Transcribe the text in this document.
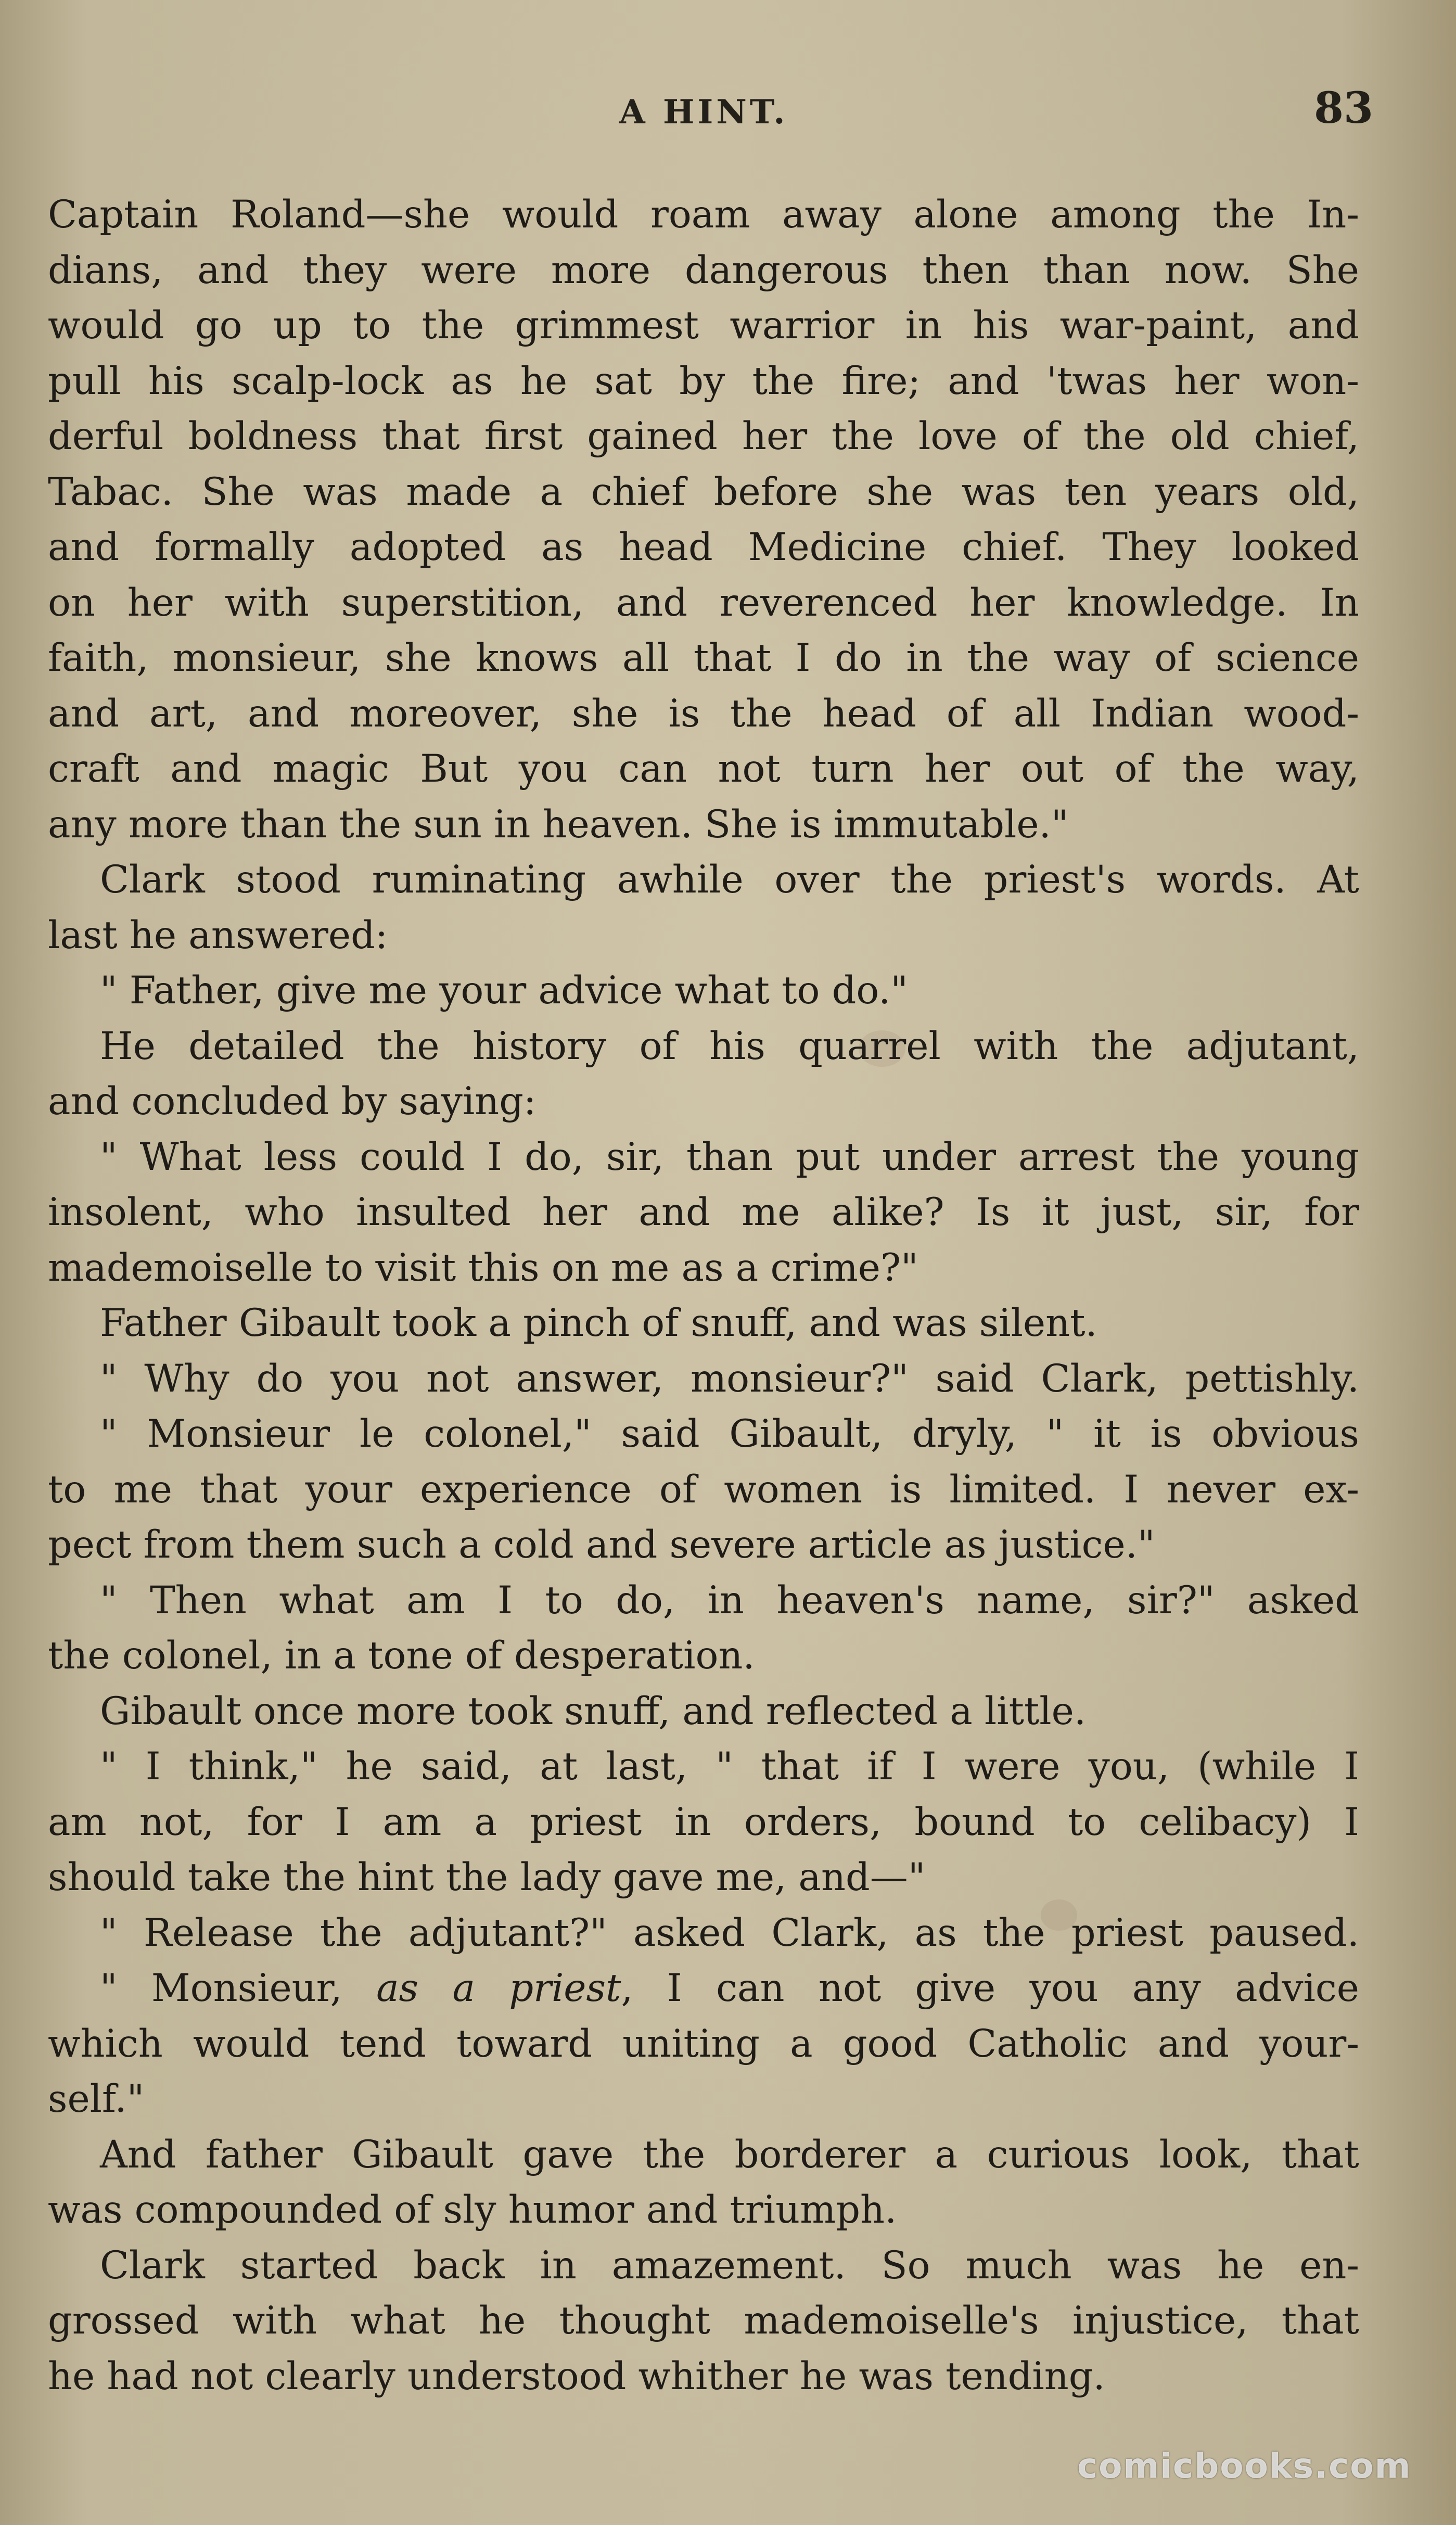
A HINT.	83
Captain Roland—she would roam away alone among the In-
dians, and they were more dangerous then than now. She
would go up to the grimmest warrior in his war-paint, and
pull his scalp-lock as he sat by the fire; and 'twas her won-
derful boldness that first gained her the love of the old chief,
Tabac. She was made a chief before she was ten years old,
and formally adopted as head Medicine chief. They looked
on her with superstition, and reverenced her knowledge. In
faith, monsieur, she knows all that I do in the way of science
and art, and moreover, she is the head of all Indian wood-
craft and magic But you can not turn her out of the way,
any more than the sun in heaven. She is immutable."
Clark stood ruminating awhile over the priest's words. At
last he answered:
" Father, give me your advice what to do."
He detailed the history of his quarrel with the adjutant,
and concluded by saying:
" What less could I do, sir, than put under arrest the young
insolent, who insulted her and me alike? Is it just, sir, for
mademoiselle to visit this on me as a crime?"
Father Gibault took a pinch of snuff, and was silent.
" Why do you not answer, monsieur?" said Clark, pettishly.
" Monsieur le colonel," said Gibault, dryly, " it is obvious
to me that your experience of women is limited. I never ex-
pect from them such a cold and severe article as justice."
" Then what am I to do, in heaven's name, sir?" asked
the colonel, in a tone of desperation.
Gibault once more took snuff, and reflected a little.
" I think," he said, at last, " that if I were you, (while I
am not, for I am a priest in orders, bound to celibacy) I
should take the hint the lady gave me, and—"
" Release the adjutant?" asked Clark, as the priest paused.
" Monsieur, as a priest, I can not give you any advice
which would tend toward uniting a good Catholic and your-
self."
And father Gibault gave the borderer a curious look, that
was compounded of sly humor and triumph.
Clark started back in amazement. So much was he en-
grossed with what he thought mademoiselle's injustice, that
he had not clearly understood whither he was tending.
comicbooks.com
